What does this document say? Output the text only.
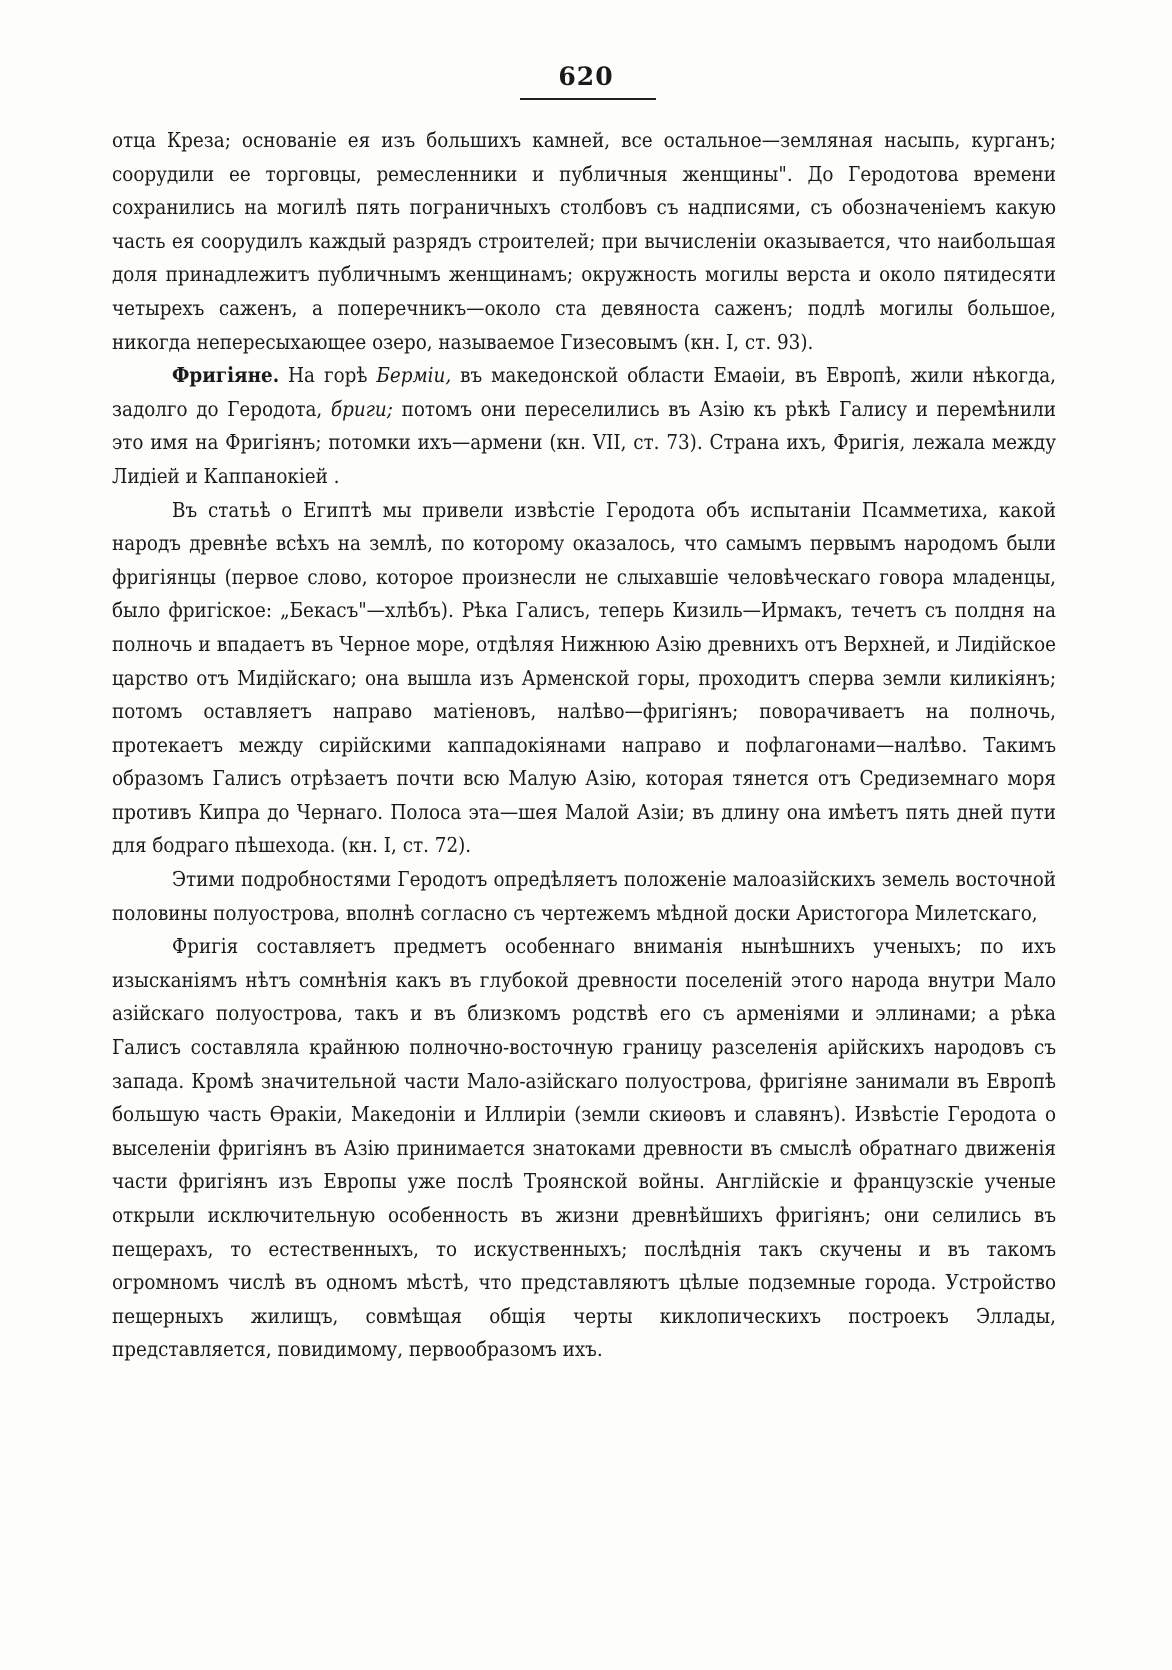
620

отца Креза; основаніе ея изъ большихъ камней, все остальное—земляная насыпь, курганъ; соорудили ее торговцы, ремесленники и публичныя женщины". До Геродотова времени сохранились на могилѣ пять пограничныхъ столбовъ съ надписями, съ обозначеніемъ какую часть ея соорудилъ каждый разрядъ строителей; при вычисленіи оказывается, что наибольшая доля принадлежитъ публичнымъ женщинамъ; окружность могилы верста и около пятидесяти четырехъ саженъ, а поперечникъ—около ста девяноста саженъ; подлѣ могилы большое, никогда непересыхающее озеро, называемое Гизесовымъ (кн. I, ст. 93).

Фригіяне. На горѣ Берміи, въ македонской области Емаѳіи, въ Европѣ, жили нѣкогда, задолго до Геродота, бриги; потомъ они переселились въ Азію къ рѣкѣ Галису и перемѣнили это имя на Фригіянъ; потомки ихъ—армени (кн. VII, ст. 73). Страна ихъ, Фригія, лежала между Лидіей и Каппанокіей .

Въ статьѣ о Египтѣ мы привели извѣстіе Геродота объ испытаніи Псамметиха, какой народъ древнѣе всѣхъ на землѣ, по которому оказалось, что самымъ первымъ народомъ были фригіянцы (первое слово, которое произнесли не слыхавшіе человѣческаго говора младенцы, было фригіское: „Бекасъ"—хлѣбъ). Рѣка Галисъ, теперь Кизиль—Ирмакъ, течетъ съ полдня на полночь и впадаетъ въ Черное море, отдѣляя Нижнюю Азію древнихъ отъ Верхней, и Лидійское царство отъ Мидійскаго; она вышла изъ Арменской горы, проходитъ сперва земли киликіянъ; потомъ оставляетъ направо матіеновъ, налѣво—фригіянъ; поворачиваетъ на полночь, протекаетъ между сирійскими каппадокіянами направо и пофлагонами—налѣво. Такимъ образомъ Галисъ отрѣзаетъ почти всю Малую Азію, которая тянется отъ Средиземнаго моря противъ Кипра до Чернаго. Полоса эта—шея Малой Азіи; въ длину она имѣетъ пять дней пути для бодраго пѣшехода. (кн. I, ст. 72).

Этими подробностями Геродотъ опредѣляетъ положеніе малоазійскихъ земель восточной половины полуострова, вполнѣ согласно съ чертежемъ мѣдной доски Аристогора Милетскаго,

Фригія составляетъ предметъ особеннаго вниманія нынѣшнихъ ученыхъ; по ихъ изысканіямъ нѣтъ сомнѣнія какъ въ глубокой древности поселеній этого народа внутри Мало азійскаго полуострова, такъ и въ близкомъ родствѣ его съ арменіями и эллинами; а рѣка Галисъ составляла крайнюю полночно-восточную границу разселенія арійскихъ народовъ съ запада. Кромѣ значительной части Мало-азійскаго полуострова, фригіяне занимали въ Европѣ большую часть Ѳракіи, Македоніи и Иллиріи (земли скиѳовъ и славянъ). Извѣстіе Геродота о выселеніи фригіянъ въ Азію принимается знатоками древности въ смыслѣ обратнаго движенія части фригіянъ изъ Европы уже послѣ Троянской войны. Англійскіе и французскіе ученые открыли исключительную особенность въ жизни древнѣйшихъ фригіянъ; они селились въ пещерахъ, то естественныхъ, то искуственныхъ; послѣднія такъ скучены и въ такомъ огромномъ числѣ въ одномъ мѣстѣ, что представляютъ цѣлые подземные города. Устройство пещерныхъ жилищъ, совмѣщая общія черты киклопическихъ построекъ Эллады, представляется, повидимому, первообразомъ ихъ.
